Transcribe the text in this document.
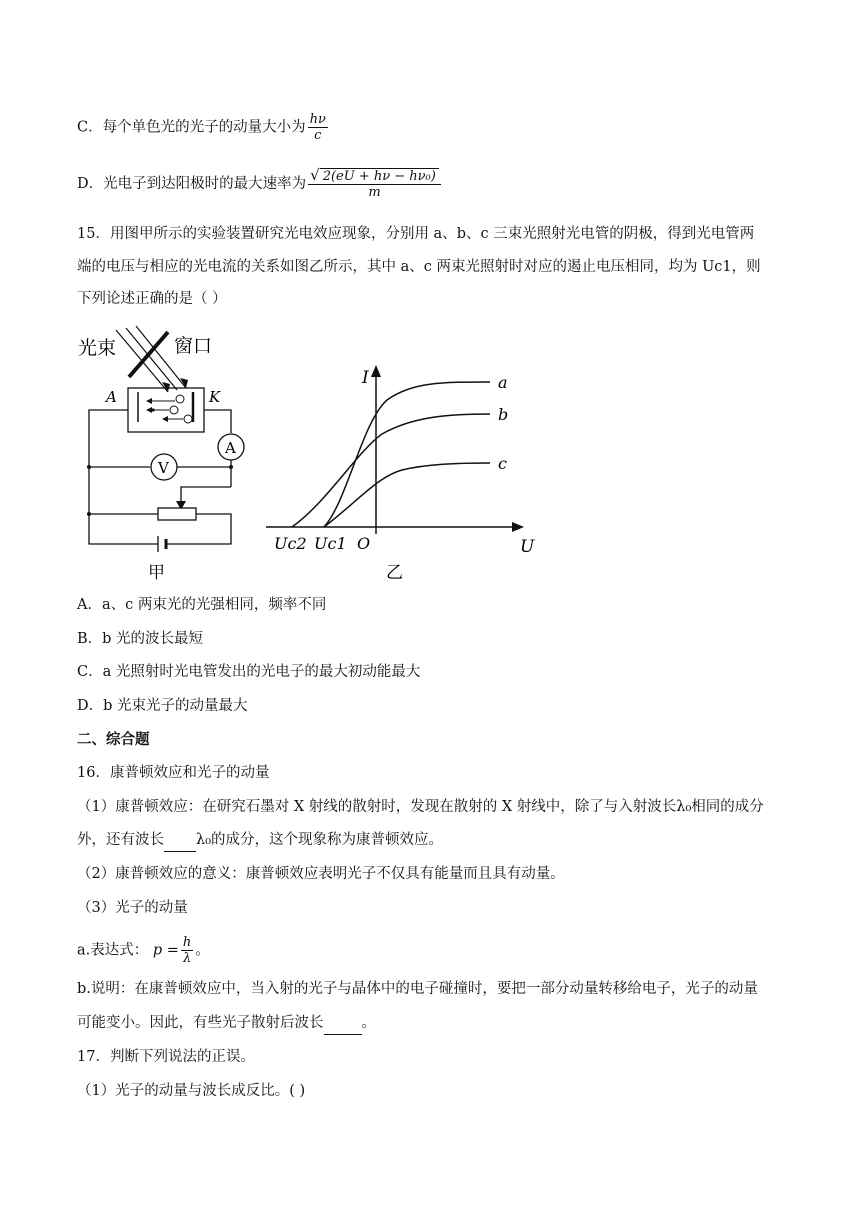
C．每个单色光的光子的动量大小为 $\frac{h\nu}{c}$
D．光电子到达阳极时的最大速率为 $\frac{\text{√ 2(eU + hν − hν₀)}}{m}$
15．用图甲所示的实验装置研究光电效应现象，分别用 a、b、c 三束光照射光电管的阴极，得到光电管两
端的电压与相应的光电流的关系如图乙所示，其中 a、c 两束光照射时对应的遏止电压相同，均为 Uc1，则
下列论述正确的是（ ）
光束	窗口
A	K
A
V
甲
I
U
O
Uc2 Uc1
a
b
c
乙
A．a、c 两束光的光强相同，频率不同
B．b 光的波长最短
C．a 光照射时光电管发出的光电子的最大初动能最大
D．b 光束光子的动量最大
二、综合题
16．康普顿效应和光子的动量
（1）康普顿效应：在研究石墨对 X 射线的散射时，发现在散射的 X 射线中，除了与入射波长λ₀相同的成分
外，还有波长 λ₀的成分，这个现象称为康普顿效应。
（2）康普顿效应的意义：康普顿效应表明光子不仅具有能量而且具有动量。
（3）光子的动量
a.表达式： $p = \frac{h}{\lambda}$ 。
b.说明：在康普顿效应中，当入射的光子与晶体中的电子碰撞时，要把一部分动量转移给电子，光子的动量
可能变小。因此，有些光子散射后波长	。
17．判断下列说法的正误。
（1）光子的动量与波长成反比。( )
